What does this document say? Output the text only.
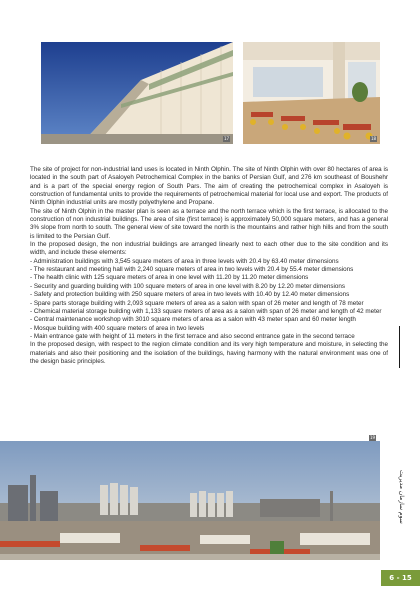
17	18

The site of project for non-industrial land uses is located in Ninth Olphin. The site of Ninth Olphin with over 80 hectares of area is located in the south part of Asaloyeh Petrochemical Complex in the banks of Persian Gulf, and 276 km southeast of Boushehr and is a part of the special energy region of South Pars. The aim of creating the petrochemical complex in Asaloyeh is construction of fundamental units to provide the requirements of petrochemical material for local use and export. The products of Ninth Olphin industrial units are mostly polyethylene and Propane.

The site of Ninth Olphin in the master plan is seen as a terrace and the north terrace which is the first terrace, is allocated to the construction of non industrial buildings. The area of site (first terrace) is approximately 50,000 square meters, and has a general 3% slope from north to south. The general view of site toward the north is the mountains and rather high hills and from the south is limited to the Persian Gulf.

In the proposed design, the non industrial buildings are arranged linearly next to each other due to the site condition and its width, and include these elements:

- Administration buildings with 3,545 square meters of area in three levels with 20.4 by 63.40 meter dimensions

- The restaurant and meeting hall with 2,240 square meters of area in two levels with 20.4 by 55.4 meter dimensions

- The health clinic with 125 square meters of area in one level with 11.20 by 11.20 meter dimensions

- Security and guarding building with 100 square meters of area in one level with 8.20 by 12.20 meter dimensions

- Safety and protection building with 250 square meters of area in two levels with 10.40 by 12.40 meter dimensions

- Spare parts storage building with 2,093 square meters of area as a salon with span of 26 meter and length of 78 meter

- Chemical material storage building with 1,133 square meters of area as a salon with span of 26 meter and length of 42 meter

- Central maintenance workshop with 3010 square meters of area as a salon with 43 meter span and 60 meter length

- Mosque building with 400 square meters of area in two levels

- Main entrance gate with height of 11 meters in the first terrace and also second entrance gate in the second terrace

In the proposed design, with respect to the region climate condition and its very high temperature and moisture, in selecting the materials and also their positioning and the isolation of the buildings, having harmony with the natural environment was one of the design basic principles.

19
سوم سازمان مدیریت
6 - 15
